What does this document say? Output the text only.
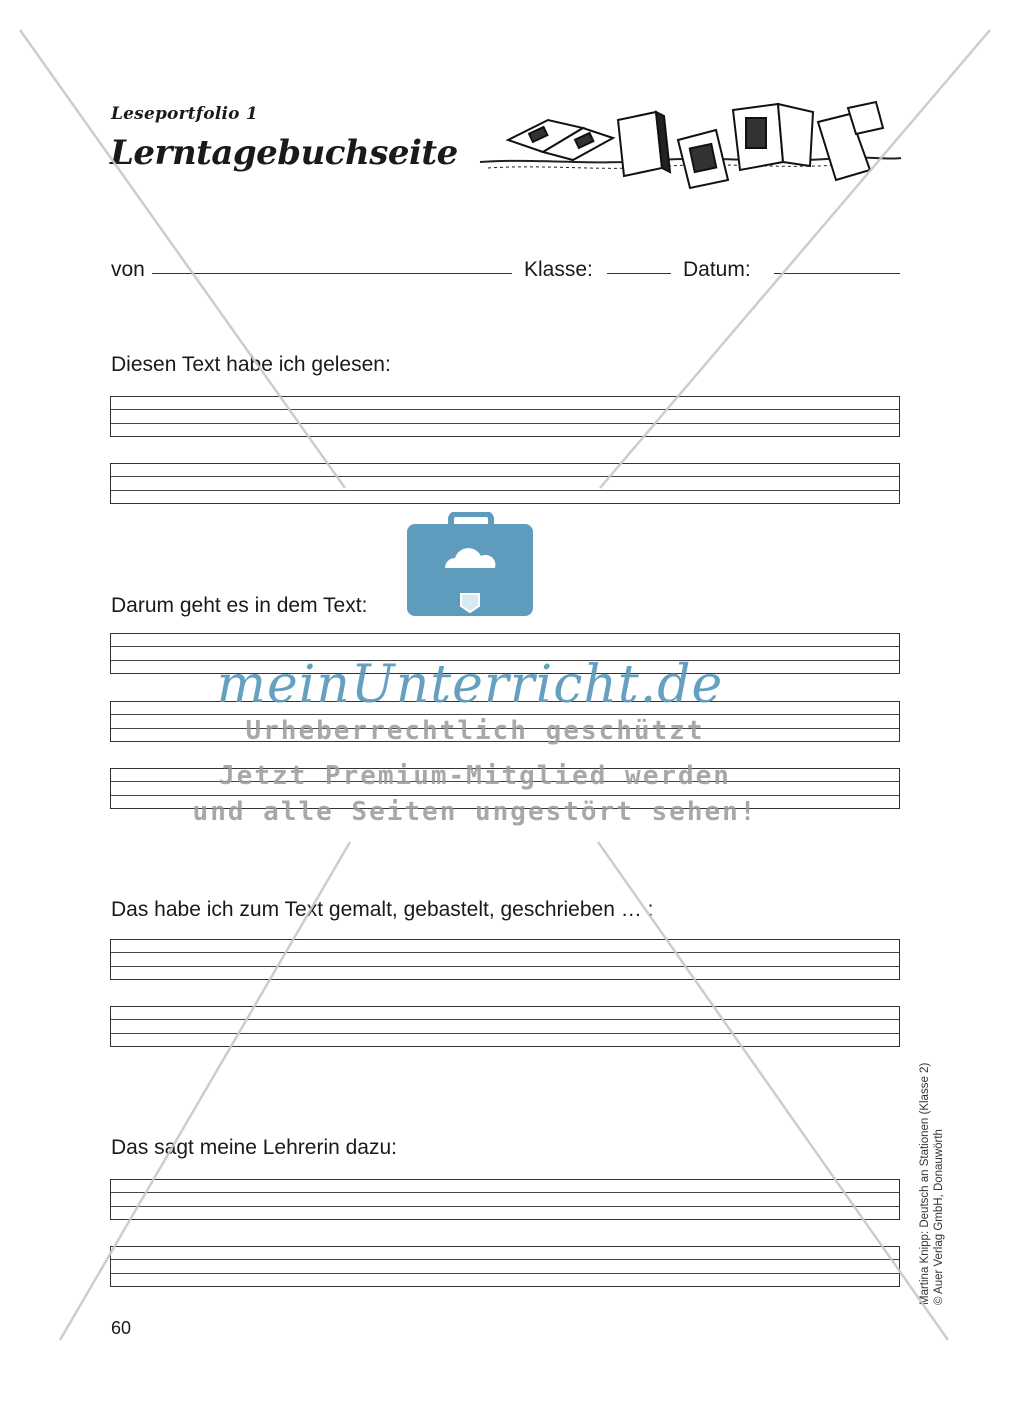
Leseportfolio 1
Lerntagebuchseite
von	Klasse:	Datum:
Diesen Text habe ich gelesen:
Darum geht es in dem Text:
Das habe ich zum Text gemalt, gebastelt, geschrieben … :
Das sagt meine Lehrerin dazu:
60
Martina Knipp: Deutsch an Stationen (Klasse 2) © Auer Verlag GmbH, Donauwörth
meinUnterricht.de
Urheberrechtlich geschützt
Jetzt Premium-Mitglied werden
und alle Seiten ungestört sehen!
